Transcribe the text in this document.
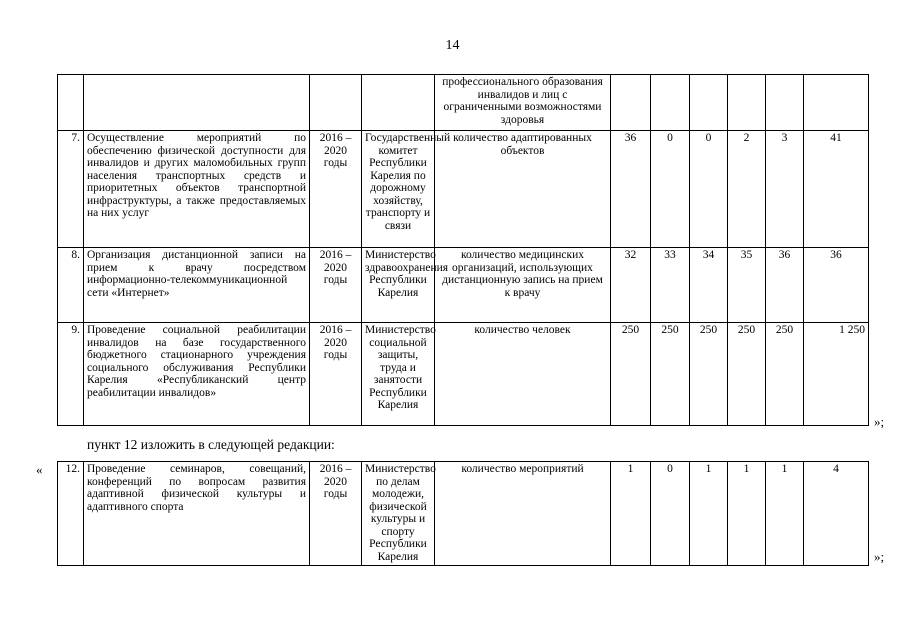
14
				профессионального образования инвалидов и лиц с ограниченными возможностями здоровья						
7.	Осуществление мероприятий по обеспечению физической доступности для инвалидов и других маломобильных групп населения транспортных средств и приоритетных объектов транспортной инфраструктуры, а также предоставляемых на них услуг	2016 – 2020 годы	Государственный комитет Республики Карелия по дорожному хозяйству, транспорту и связи	количество адаптированных объектов	36	0	0	2	3	41
8.	Организация дистанционной записи на прием к врачу посредством информационно-телекоммуникационной сети «Интернет»	2016 – 2020 годы	Министерство здравоохранения Республики Карелия	количество медицинских организаций, использующих дистанционную запись на прием к врачу	32	33	34	35	36	36
9.	Проведение социальной реабилитации инвалидов на базе государственного бюджетного стационарного учреждения социального обслуживания Республики Карелия «Республиканский центр реабилитации инвалидов»	2016 – 2020 годы	Министерство социальной защиты, труда и занятости Республики Карелия	количество человек	250	250	250	250	250	1 250
»;
пункт 12 изложить в следующей редакции:
« 12.	Проведение семинаров, совещаний, конференций по вопросам развития адаптивной физической культуры и адаптивного спорта	2016 – 2020 годы	Министерство по делам молодежи, физической культуры и спорту Республики Карелия	количество мероприятий	1	0	1	1	1	4
»;
